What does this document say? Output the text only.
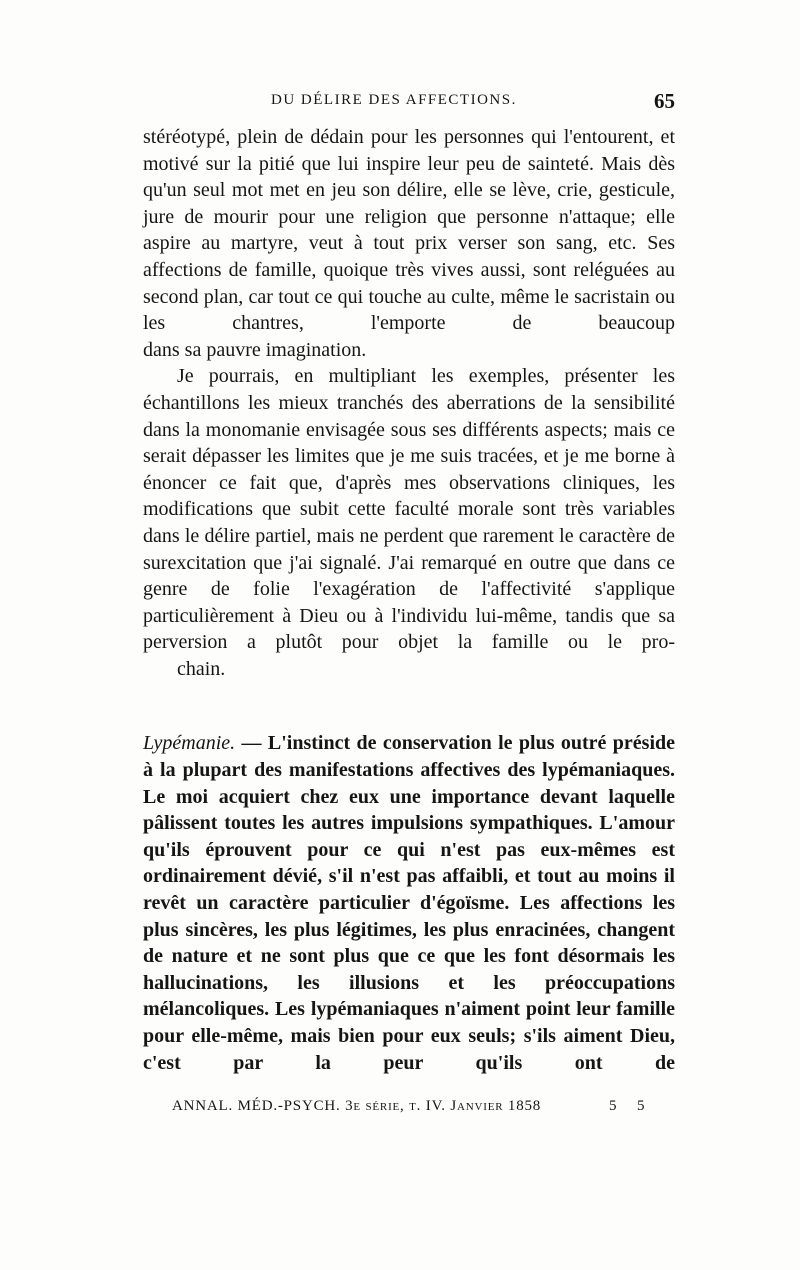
DU DÉLIRE DES AFFECTIONS.	65

stéréotypé, plein de dédain pour les personnes qui l'entourent, et motivé sur la pitié que lui inspire leur peu de sainteté. Mais dès qu'un seul mot met en jeu son délire, elle se lève, crie, gesticule, jure de mourir pour une religion que personne n'attaque; elle aspire au martyre, veut à tout prix verser son sang, etc. Ses affections de famille, quoique très vives aussi, sont reléguées au second plan, car tout ce qui touche au culte, même le sacristain ou les chantres, l'emporte de beaucoup
dans sa pauvre imagination.

Je pourrais, en multipliant les exemples, présenter les échantillons les mieux tranchés des aberrations de la sensibilité dans la monomanie envisagée sous ses différents aspects; mais ce serait dépasser les limites que je me suis tracées, et je me borne à énoncer ce fait que, d'après mes observations cliniques, les modifications que subit cette faculté morale sont très variables dans le délire partiel, mais ne perdent que rarement le caractère de surexcitation que j'ai signalé. J'ai remarqué en outre que dans ce genre de folie l'exagération de l'affectivité s'applique particulièrement à Dieu ou à l'individu lui-même, tandis que sa perversion a plutôt pour objet la famille ou le pro-
chain.

Lypémanie. — L'instinct de conservation le plus outré préside à la plupart des manifestations affectives des lypémaniaques. Le moi acquiert chez eux une importance devant laquelle pâlissent toutes les autres impulsions sympathiques. L'amour qu'ils éprouvent pour ce qui n'est pas eux-mêmes est ordinairement dévié, s'il n'est pas affaibli, et tout au moins il revêt un caractère particulier d'égoïsme. Les affections les plus sincères, les plus légitimes, les plus enracinées, changent de nature et ne sont plus que ce que les font désormais les hallucinations, les illusions et les préoccupations mélancoliques. Les lypémaniaques n'aiment point leur famille pour elle-même, mais bien pour eux seuls; s'ils aiment Dieu, c'est par la peur qu'ils ont de

ANNAL. MÉD.-PSYCH. 3e série, t. IV. Janvier 1858	5 5
